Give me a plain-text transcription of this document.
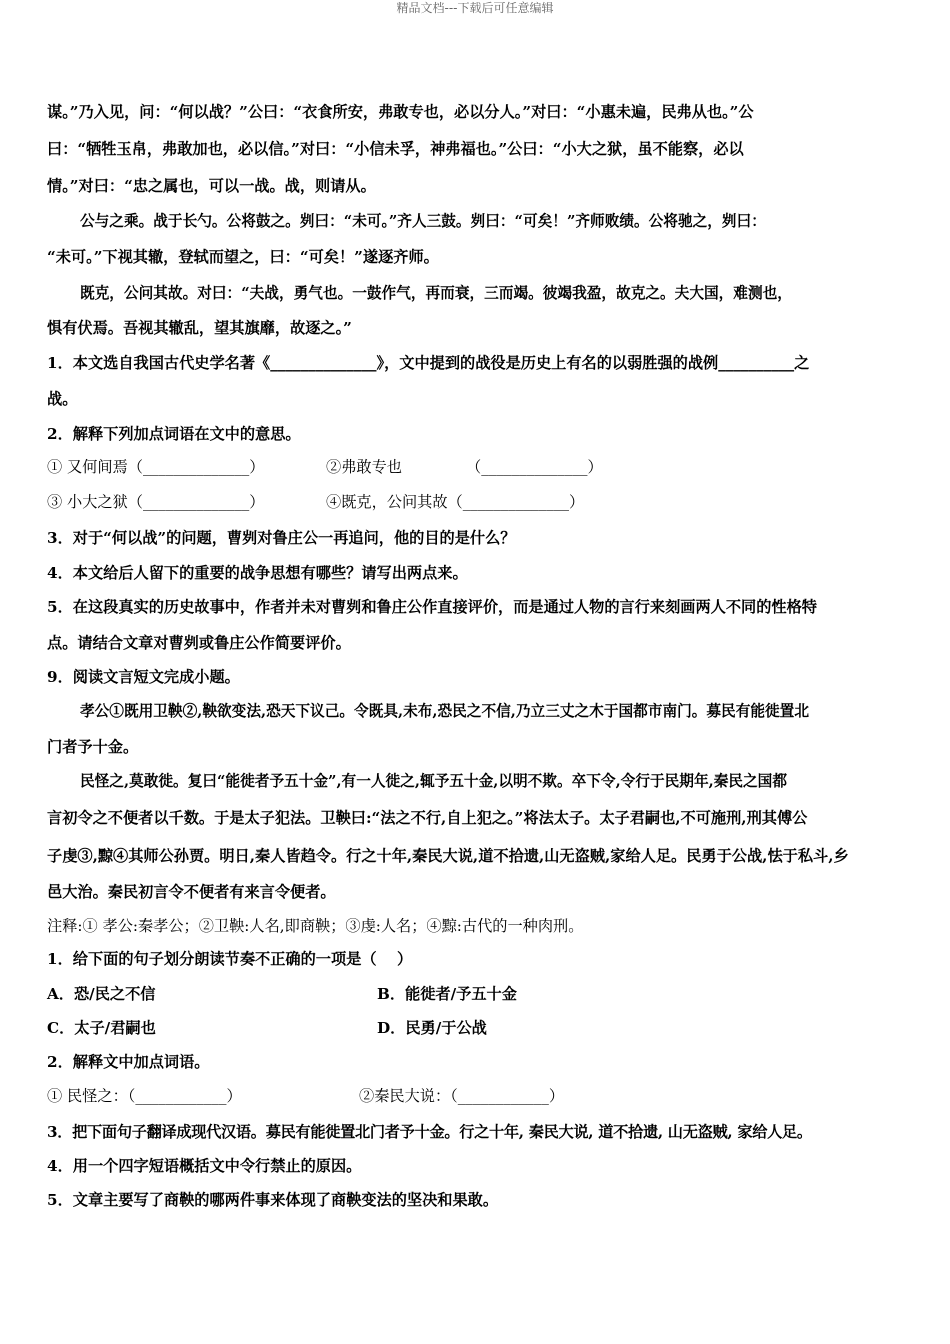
精品文档---下载后可任意编辑
谋。”乃入见，问：“何以战？”公曰：“衣食所安，弗敢专也，必以分人。”对曰：“小惠未遍，民弗从也。”公
曰：“牺牲玉帛，弗敢加也，必以信。”对曰：“小信未孚，神弗福也。”公曰：“小大之狱，虽不能察，必以
情。”对曰：“忠之属也，可以一战。战，则请从。
公与之乘。战于长勺。公将鼓之。刿曰：“未可。”齐人三鼓。刿曰：“可矣！”齐师败绩。公将驰之，刿曰：
“未可。”下视其辙，登轼而望之，曰：“可矣！”遂逐齐师。
既克，公问其故。对曰：“夫战，勇气也。一鼓作气，再而衰，三而竭。彼竭我盈，故克之。夫大国，难测也，
惧有伏焉。吾视其辙乱，望其旗靡，故逐之。”
1．本文选自我国古代史学名著《______________》，文中提到的战役是历史上有名的以弱胜强的战例__________之
战。
2．解释下列加点词语在文中的意思。
① 又何间焉（______________）	②弗敢专也	（______________）
③ 小大之狱（______________）	④既克，公问其故（______________）
3．对于“何以战”的问题，曹刿对鲁庄公一再追问，他的目的是什么？
4．本文给后人留下的重要的战争思想有哪些？请写出两点来。
5．在这段真实的历史故事中，作者并未对曹刿和鲁庄公作直接评价，而是通过人物的言行来刻画两人不同的性格特
点。请结合文章对曹刿或鲁庄公作简要评价。
9．阅读文言短文完成小题。
孝公①既用卫鞅②,鞅欲变法,恐天下议己。令既具,未布,恐民之不信,乃立三丈之木于国都市南门。募民有能徙置北
门者予十金。
民怪之,莫敢徙。复曰“能徙者予五十金”,有一人徙之,辄予五十金,以明不欺。卒下令,令行于民期年,秦民之国都
言初令之不便者以千数。于是太子犯法。卫鞅曰:“法之不行,自上犯之。”将法太子。太子君嗣也,不可施刑,刑其傅公
子虔③,黥④其师公孙贾。明日,秦人皆趋令。行之十年,秦民大说,道不拾遗,山无盗贼,家给人足。民勇于公战,怯于私斗,乡
邑大治。秦民初言令不便者有来言令便者。
注释:① 孝公:秦孝公；②卫鞅:人名,即商鞅；③虔:人名；④黥:古代的一种肉刑。
1．给下面的句子划分朗读节奏不正确的一项是（　 ）
A．恐/民之不信	B．能徙者/予五十金
C．太子/君嗣也	D．民勇/于公战
2．解释文中加点词语。
① 民怪之：（____________）	②秦民大说：（____________）
3．把下面句子翻译成现代汉语。募民有能徙置北门者予十金。行之十年, 秦民大说, 道不拾遗, 山无盗贼, 家给人足。
4．用一个四字短语概括文中令行禁止的原因。
5．文章主要写了商鞅的哪两件事来体现了商鞅变法的坚决和果敢。
